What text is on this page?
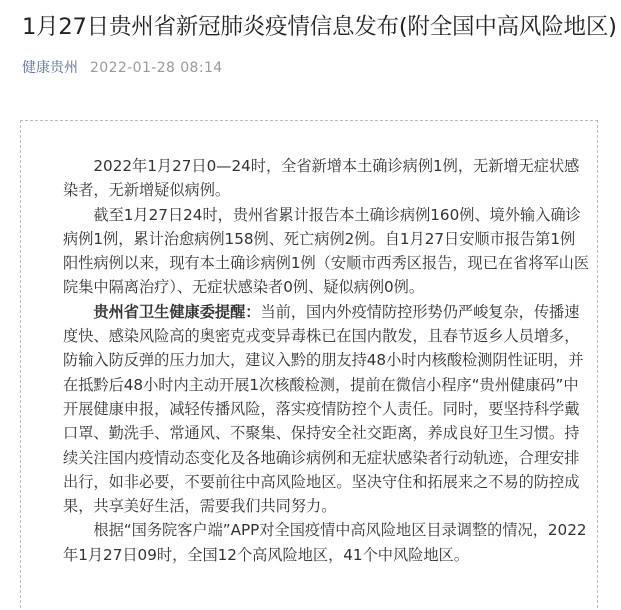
1月27日贵州省新冠肺炎疫情信息发布(附全国中高风险地区)
健康贵州 2022-01-28 08:14

2022年1月27日0—24时，全省新增本土确诊病例1例，无新增无症状感染者，无新增疑似病例。

截至1月27日24时，贵州省累计报告本土确诊病例160例、境外输入确诊病例1例，累计治愈病例158例、死亡病例2例。自1月27日安顺市报告第1例阳性病例以来，现有本土确诊病例1例（安顺市西秀区报告，现已在省将军山医院集中隔离治疗）、无症状感染者0例、疑似病例0例。

贵州省卫生健康委提醒：当前，国内外疫情防控形势仍严峻复杂，传播速度快、感染风险高的奥密克戎变异毒株已在国内散发，且春节返乡人员增多，防输入防反弹的压力加大，建议入黔的朋友持48小时内核酸检测阴性证明，并在抵黔后48小时内主动开展1次核酸检测，提前在微信小程序“贵州健康码”中开展健康申报，减轻传播风险，落实疫情防控个人责任。同时，要坚持科学戴口罩、勤洗手、常通风、不聚集、保持安全社交距离，养成良好卫生习惯。持续关注国内疫情动态变化及各地确诊病例和无症状感染者行动轨迹，合理安排出行，如非必要，不要前往中高风险地区。坚决守住和拓展来之不易的防控成果，共享美好生活，需要我们共同努力。

根据“国务院客户端”APP对全国疫情中高风险地区目录调整的情况，2022年1月27日09时，全国12个高风险地区，41个中风险地区。
